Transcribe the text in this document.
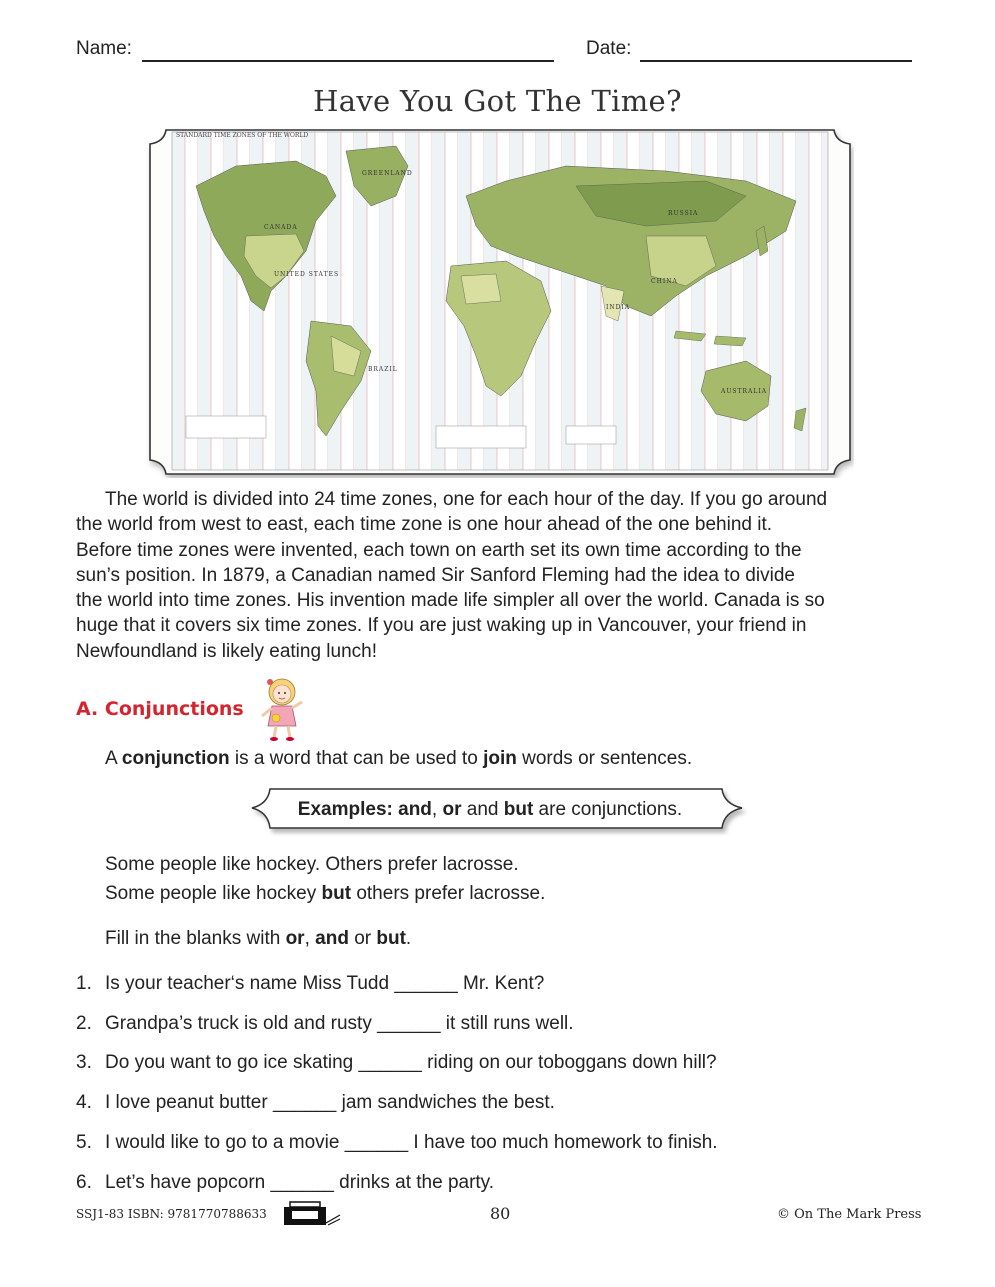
Name:	Date:
Have You Got The Time?
STANDARD TIME ZONES OF THE WORLD
CANADA
UNITED STATES
RUSSIA
CHINA
BRAZIL
AUSTRALIA
GREENLAND
INDIA
The world is divided into 24 time zones, one for each hour of the day. If you go around
the world from west to east, each time zone is one hour ahead of the one behind it.
Before time zones were invented, each town on earth set its own time according to the
sun’s position. In 1879, a Canadian named Sir Sanford Fleming had the idea to divide
the world into time zones. His invention made life simpler all over the world. Canada is so
huge that it covers six time zones. If you are just waking up in Vancouver, your friend in
Newfoundland is likely eating lunch!
A. Conjunctions
A conjunction is a word that can be used to join words or sentences.
Examples: and, or and but are conjunctions.
Some people like hockey. Others prefer lacrosse.
Some people like hockey but others prefer lacrosse.
Fill in the blanks with or, and or but.
1. Is your teacher‘s name Miss Tudd ______ Mr. Kent?
2. Grandpa’s truck is old and rusty ______ it still runs well.
3. Do you want to go ice skating ______ riding on our toboggans down hill?
4. I love peanut butter ______ jam sandwiches the best.
5. I would like to go to a movie ______ I have too much homework to finish.
6. Let’s have popcorn ______ drinks at the party.
SSJ1-83 ISBN: 9781770788633	80	© On The Mark Press
